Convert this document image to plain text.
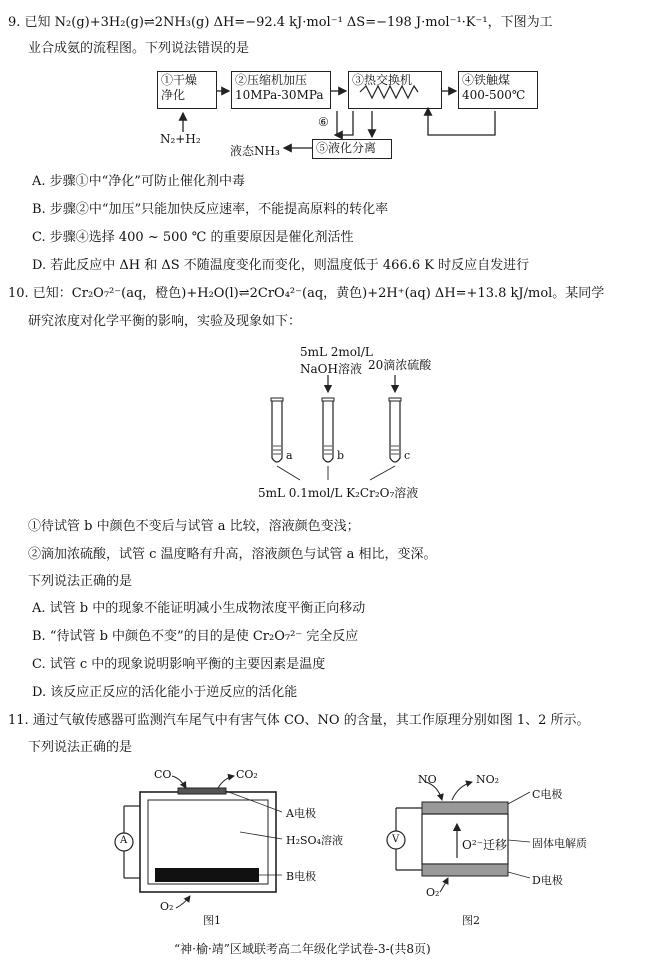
9. 已知 N₂(g)+3H₂(g)⇌2NH₃(g) ΔH=−92.4 kJ·mol⁻¹ ΔS=−198 J·mol⁻¹·K⁻¹，下图为工
业合成氨的流程图。下列说法错误的是
①干燥
净化
②压缩机加压
10MPa-30MPa
③热交换机	④铁触煤
400-500℃
⑤液化分离
⑥
N₂+H₂
液态NH₃
A. 步骤①中“净化”可防止催化剂中毒
B. 步骤②中“加压”只能加快反应速率，不能提高原料的转化率
C. 步骤④选择 400 ~ 500 ℃ 的重要原因是催化剂活性
D. 若此反应中 ΔH 和 ΔS 不随温度变化而变化，则温度低于 466.6 K 时反应自发进行
10. 已知：Cr₂O₇²⁻(aq，橙色)+H₂O(l)⇌2CrO₄²⁻(aq，黄色)+2H⁺(aq) ΔH=+13.8 kJ/mol。某同学
研究浓度对化学平衡的影响，实验及现象如下：
5mL 2mol/L
NaOH溶液 20滴浓硫酸
a	b	c
5mL 0.1mol/L K₂Cr₂O₇溶液
①待试管 b 中颜色不变后与试管 a 比较，溶液颜色变浅；
②滴加浓硫酸，试管 c 温度略有升高，溶液颜色与试管 a 相比，变深。
下列说法正确的是
A. 试管 b 中的现象不能证明减小生成物浓度平衡正向移动
B. “待试管 b 中颜色不变”的目的是使 Cr₂O₇²⁻ 完全反应
C. 试管 c 中的现象说明影响平衡的主要因素是温度
D. 该反应正反应的活化能小于逆反应的活化能
11. 通过气敏传感器可监测汽车尾气中有害气体 CO、NO 的含量，其工作原理分别如图 1、2 所示。
下列说法正确的是
CO	CO₂
A电极
H₂SO₄溶液
B电极
O₂
A
图1
NO	NO₂
C电极
固体电解质
O²⁻迁移
D电极
O₂
V
图2
“神·榆·靖”区域联考高二年级化学试卷-3-(共8页)
